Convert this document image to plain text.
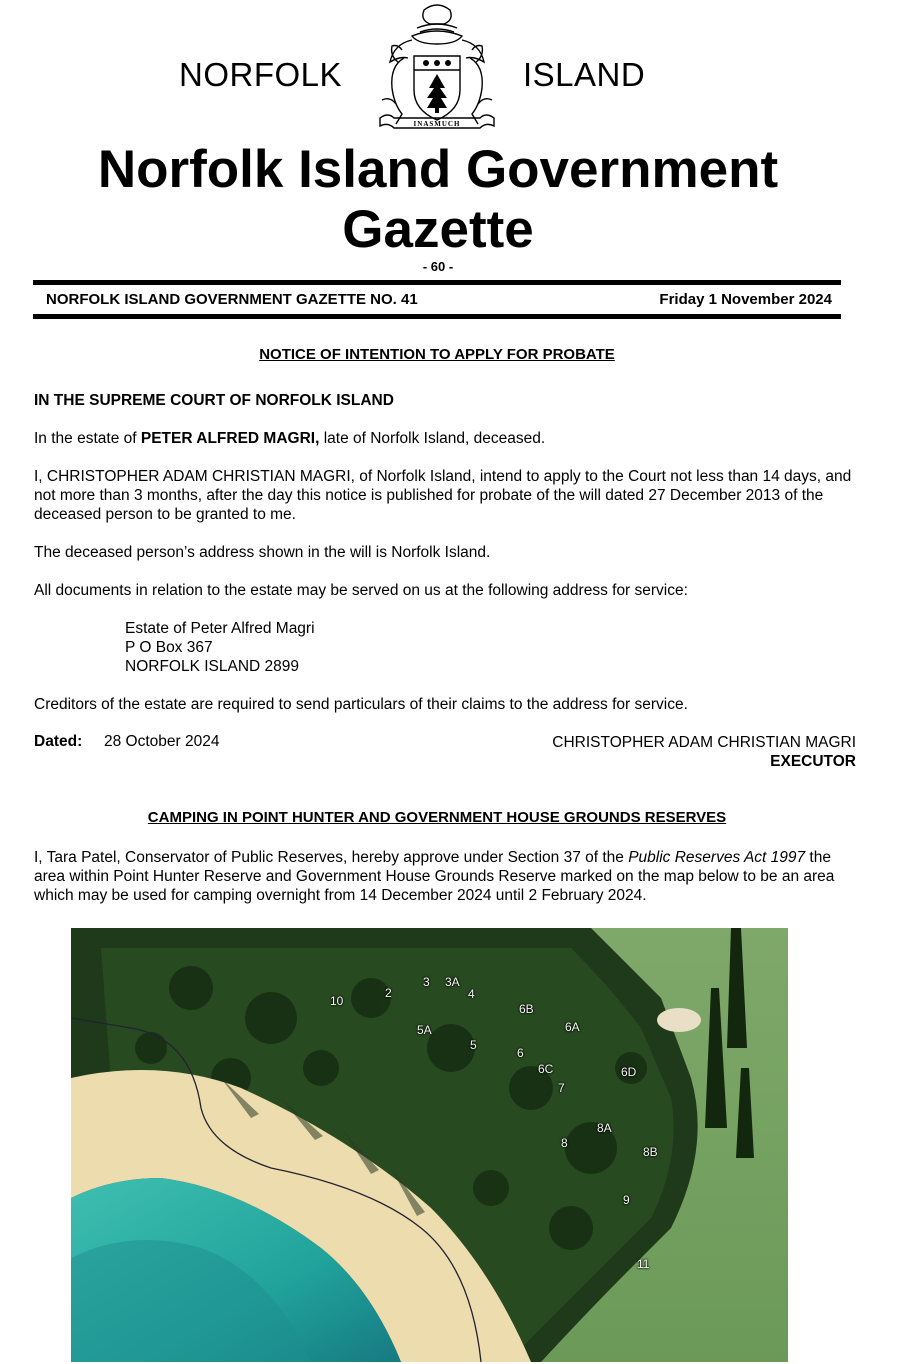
NORFOLK
INASMUCH
ISLAND
Norfolk Island Government
Gazette
- 60 -
NORFOLK ISLAND GOVERNMENT GAZETTE NO. 41	Friday 1 November 2024
NOTICE OF INTENTION TO APPLY FOR PROBATE
IN THE SUPREME COURT OF NORFOLK ISLAND
In the estate of PETER ALFRED MAGRI, late of Norfolk Island, deceased.
I, CHRISTOPHER ADAM CHRISTIAN MAGRI, of Norfolk Island, intend to apply to the Court not less than 14 days, and not more than 3 months, after the day this notice is published for probate of the will dated 27 December 2013 of the deceased person to be granted to me.
The deceased person’s address shown in the will is Norfolk Island.
All documents in relation to the estate may be served on us at the following address for service:
Estate of Peter Alfred Magri
P O Box 367
NORFOLK ISLAND 2899
Creditors of the estate are required to send particulars of their claims to the address for service.
Dated: 28 October 2024	CHRISTOPHER ADAM CHRISTIAN MAGRI
EXECUTOR
CAMPING IN POINT HUNTER AND GOVERNMENT HOUSE GROUNDS RESERVES
I, Tara Patel, Conservator of Public Reserves, hereby approve under Section 37 of the Public Reserves Act 1997 the area within Point Hunter Reserve and Government House Grounds Reserve marked on the map below to be an area which may be used for camping overnight from 14 December 2024 until 2 February 2024.
10
2
3 3A
4
5A
5
6B
6A
6
6C
7
6D
8
8A
8B
9
11
